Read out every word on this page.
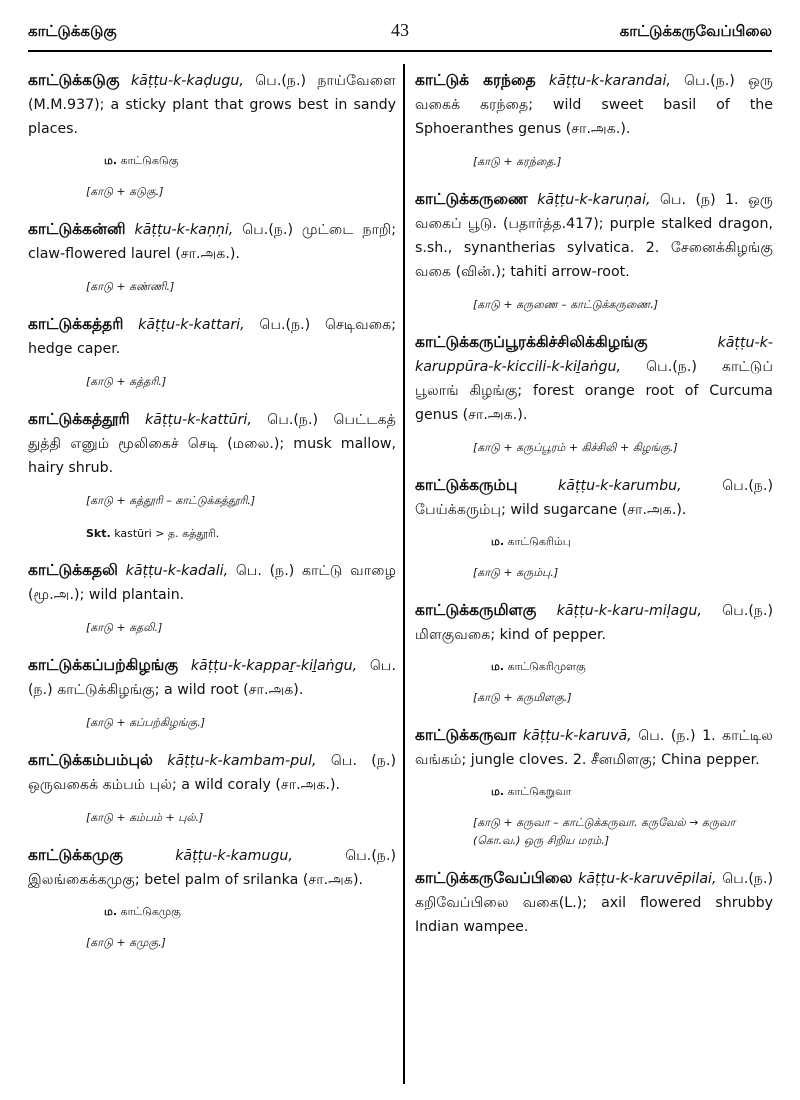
காட்டுக்கடுகு	43	காட்டுக்கருவேப்பிலை
காட்டுக்கடுகு kāṭṭu-k-kaḍugu, பெ.(ந.) நாய்வேளை (M.M.937); a sticky plant that grows best in sandy places.
ம. காட்டுகடுகு
[காடு + கடுகு.]
காட்டுக்கன்னி kāṭṭu-k-kaṇṇi, பெ.(ந.) முட்டை நாறி; claw-flowered laurel (சா.அக.).
[காடு + கண்ணி.]
காட்டுக்கத்தரி kāṭṭu-k-kattari, பெ.(ந.) செடிவகை; hedge caper.
[காடு + கத்தரி.]
காட்டுக்கத்தூரி kāṭṭu-k-kattūri, பெ.(ந.) பெட்டகத் துத்தி எனும் மூலிகைச் செடி (மலை.); musk mallow, hairy shrub.
[காடு + கத்தூரி – காட்டுக்கத்தூரி.]
Skt. kastūri > த. கத்தூரி.
காட்டுக்கதலி kāṭṭu-k-kadali, பெ. (ந.) காட்டு வாழை (மூ.அ.); wild plantain.
[காடு + கதலி.]
காட்டுக்கப்பற்கிழங்கு kāṭṭu-k-kappaṟ-kiḻaṅgu, பெ.(ந.) காட்டுக்கிழங்கு; a wild root (சா.அக).
[காடு + கப்பற்கிழங்கு.]
காட்டுக்கம்பம்புல் kāṭṭu-k-kambam-pul, பெ. (ந.) ஒருவகைக் கம்பம் புல்; a wild coraly (சா.அக.).
[காடு + கம்பம் + புல்.]
காட்டுக்கமுகு	kāṭṭu-k-kamugu,	பெ.(ந.) இலங்கைக்கமுகு; betel palm of srilanka (சா.அக).
ம. காட்டுகமுகு
[காடு + கமுகு.]
காட்டுக் கரந்தை kāṭṭu-k-karandai, பெ.(ந.) ஒரு வகைக் கரந்தை; wild sweet basil of the Sphoeranthes genus (சா.அக.).
[காடு + கரந்தை.]
காட்டுக்கருணை kāṭṭu-k-karuṇai, பெ. (ந) 1. ஒரு வகைப் பூடு. (பதார்த்த.417); purple stalked dragon, s.sh., synantherias sylvatica. 2. சேனைக்கிழங்கு வகை (வின்.); tahiti arrow-root.
[காடு + கருணை – காட்டுக்கருணை.]
காட்டுக்கருப்பூரக்கிச்சிலிக்கிழங்கு	kāṭṭu-k-karuppūra-k-kiccili-k-kiḻaṅgu, பெ.(ந.) காட்டுப் பூலாங் கிழங்கு; forest orange root of Curcuma genus (சா.அக.).
[காடு + கருப்பூரம் + கிச்சிலி + கிழங்கு.]
காட்டுக்கரும்பு	kāṭṭu-k-karumbu,	பெ.(ந.) பேய்க்கரும்பு; wild sugarcane (சா.அக.).
ம. காட்டுகரிம்பு
[காடு + கரும்பு.]
காட்டுக்கருமிளகு kāṭṭu-k-karu-miḷagu, பெ.(ந.) மிளகுவகை; kind of pepper.
ம. காட்டுகரிமுளகு
[காடு + கருமிளகு.]
காட்டுக்கருவா kāṭṭu-k-karuvā, பெ. (ந.) 1. காட்டில வங்கம்; jungle cloves. 2. சீனமிளகு; China pepper.
ம. காட்டுகறுவா
[காடு + கருவா – காட்டுக்கருவா. கருவேல் → கருவா (கொ.வ.) ஒரு சிறிய மரம்.]
காட்டுக்கருவேப்பிலை kāṭṭu-k-karuvēpilai, பெ.(ந.) கறிவேப்பிலை வகை(L.); axil flowered shrubby Indian wampee.
